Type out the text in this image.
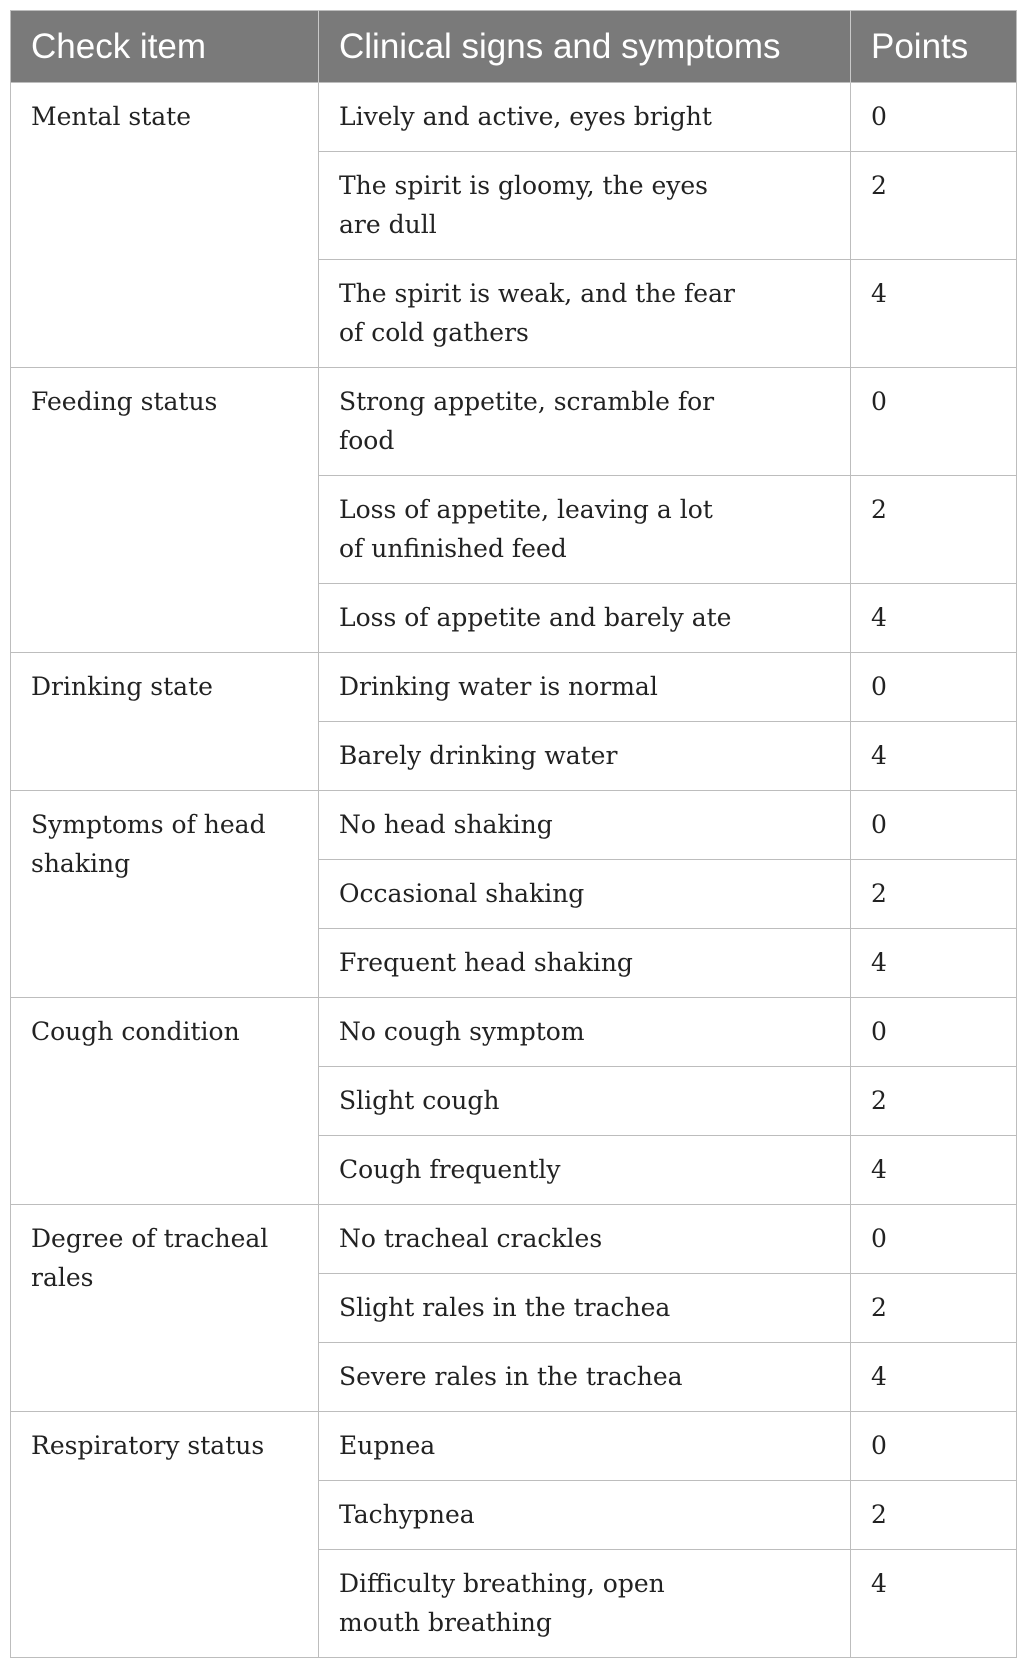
Check item	Clinical signs and symptoms	Points
Mental state	Lively and active, eyes bright	0
	The spirit is gloomy, the eyes are dull	2
	The spirit is weak, and the fear of cold gathers	4
Feeding status	Strong appetite, scramble for food	0
	Loss of appetite, leaving a lot of unfinished feed	2
	Loss of appetite and barely ate	4
Drinking state	Drinking water is normal	0
	Barely drinking water	4
Symptoms of head shaking	No head shaking	0
	Occasional shaking	2
	Frequent head shaking	4
Cough condition	No cough symptom	0
	Slight cough	2
	Cough frequently	4
Degree of tracheal rales	No tracheal crackles	0
	Slight rales in the trachea	2
	Severe rales in the trachea	4
Respiratory status	Eupnea	0
	Tachypnea	2
	Difficulty breathing, open mouth breathing	4
